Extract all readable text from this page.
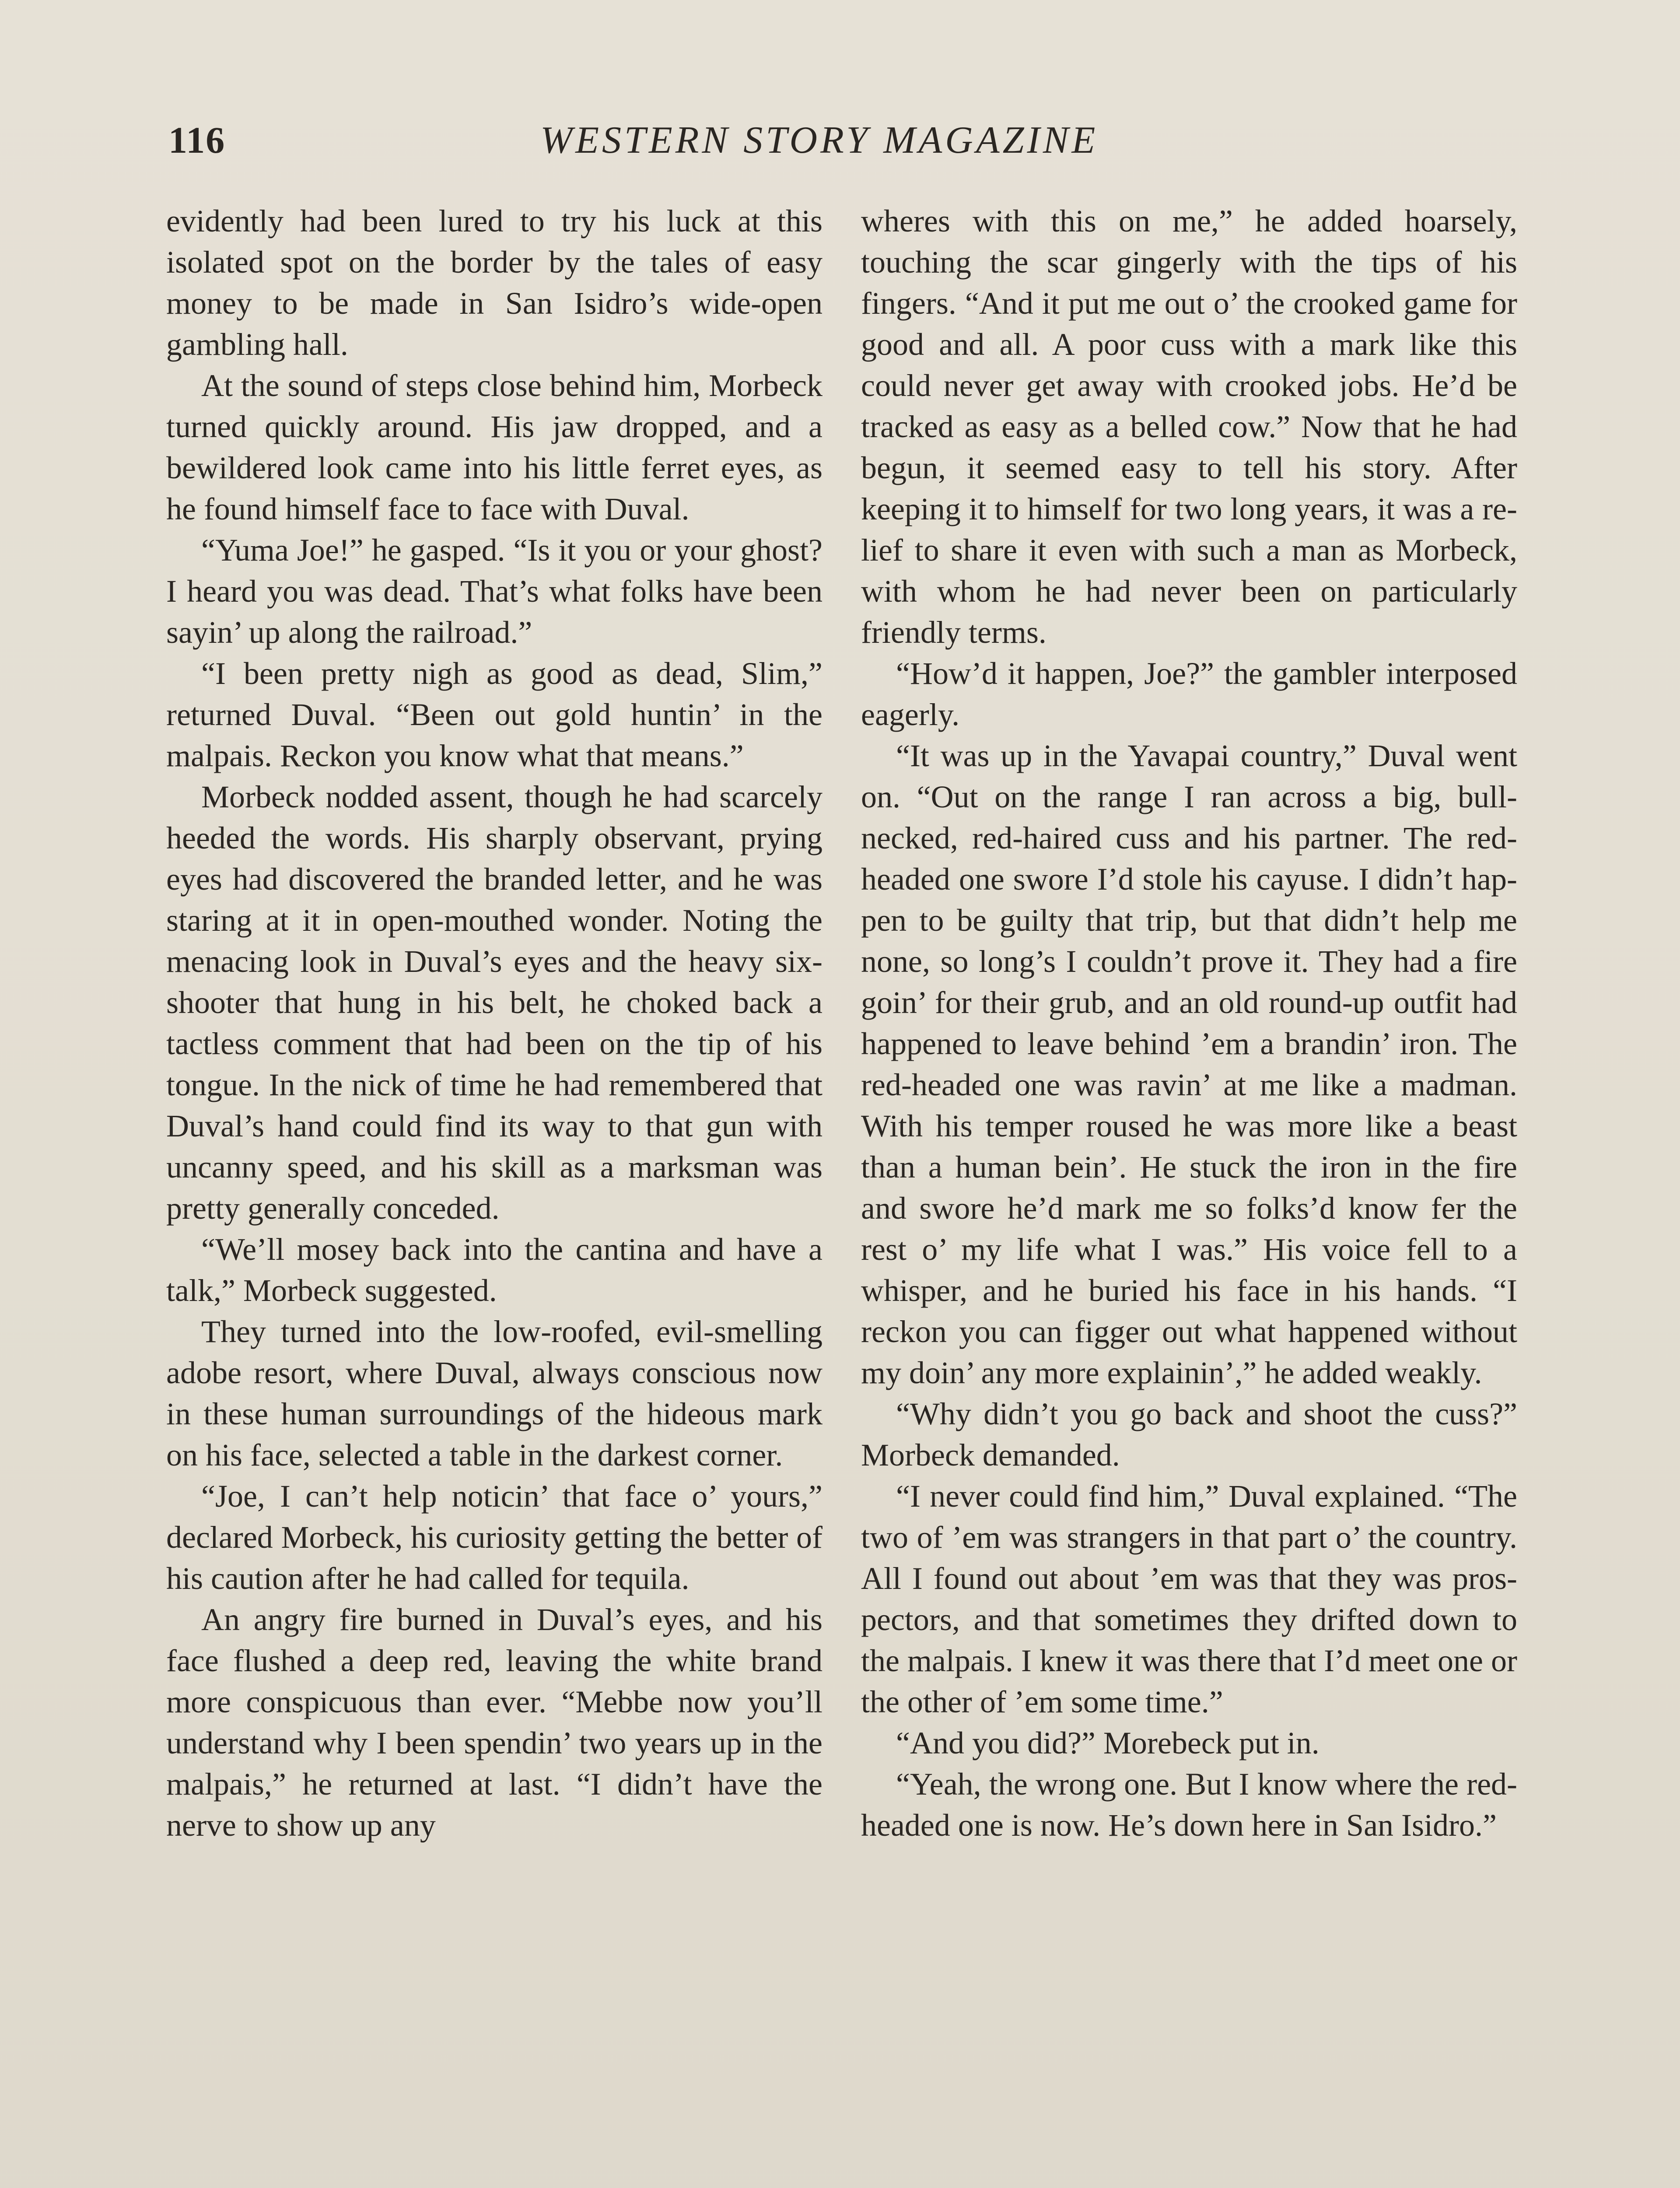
116	WESTERN STORY MAGAZINE

evidently had been lured to try his luck at this isolated spot on the border by the tales of easy money to be made in San Isidro’s wide-open gambling hall.

At the sound of steps close behind him, Morbeck turned quickly around. His jaw dropped, and a bewildered look came into his little ferret eyes, as he found himself face to face with Duval.

“Yuma Joe!” he gasped. “Is it you or your ghost? I heard you was dead. That’s what folks have been sayin’ up along the railroad.”

“I been pretty nigh as good as dead, Slim,” returned Duval. “Been out gold huntin’ in the malpais. Reckon you know what that means.”

Morbeck nodded assent, though he had scarcely heeded the words. His sharply observant, prying eyes had discovered the branded letter, and he was staring at it in open-mouthed wonder. Noting the menacing look in Duval’s eyes and the heavy six-shooter that hung in his belt, he choked back a tactless comment that had been on the tip of his tongue. In the nick of time he had remembered that Duval’s hand could find its way to that gun with uncanny speed, and his skill as a marksman was pretty generally conceded.

“We’ll mosey back into the cantina and have a talk,” Morbeck suggested.

They turned into the low-roofed, evil-smelling adobe resort, where Duval, always conscious now in these human surroundings of the hideous mark on his face, selected a table in the darkest corner.

“Joe, I can’t help noticin’ that face o’ yours,” declared Morbeck, his curiosity getting the better of his caution after he had called for tequila.

An angry fire burned in Duval’s eyes, and his face flushed a deep red, leaving the white brand more conspicuous than ever. “Mebbe now you’ll understand why I been spendin’ two years up in the malpais,” he returned at last. “I didn’t have the nerve to show up any

wheres with this on me,” he added hoarsely, touching the scar gingerly with the tips of his fingers. “And it put me out o’ the crooked game for good and all. A poor cuss with a mark like this could never get away with crooked jobs. He’d be tracked as easy as a belled cow.” Now that he had begun, it seemed easy to tell his story. After keeping it to himself for two long years, it was a relief to share it even with such a man as Morbeck, with whom he had never been on particularly friendly terms.

“How’d it happen, Joe?” the gambler interposed eagerly.

“It was up in the Yavapai country,” Duval went on. “Out on the range I ran across a big, bull-necked, red-haired cuss and his partner. The red-headed one swore I’d stole his cayuse. I didn’t happen to be guilty that trip, but that didn’t help me none, so long’s I couldn’t prove it. They had a fire goin’ for their grub, and an old round-up outfit had happened to leave behind ’em a brandin’ iron. The red-headed one was ravin’ at me like a madman. With his temper roused he was more like a beast than a human bein’. He stuck the iron in the fire and swore he’d mark me so folks’d know fer the rest o’ my life what I was.” His voice fell to a whisper, and he buried his face in his hands. “I reckon you can figger out what happened without my doin’ any more explainin’,” he added weakly.

“Why didn’t you go back and shoot the cuss?” Morbeck demanded.

“I never could find him,” Duval explained. “The two of ’em was strangers in that part o’ the country. All I found out about ’em was that they was prospectors, and that sometimes they drifted down to the malpais. I knew it was there that I’d meet one or the other of ’em some time.”

“And you did?” Morebeck put in.

“Yeah, the wrong one. But I know where the red-headed one is now. He’s down here in San Isidro.”
